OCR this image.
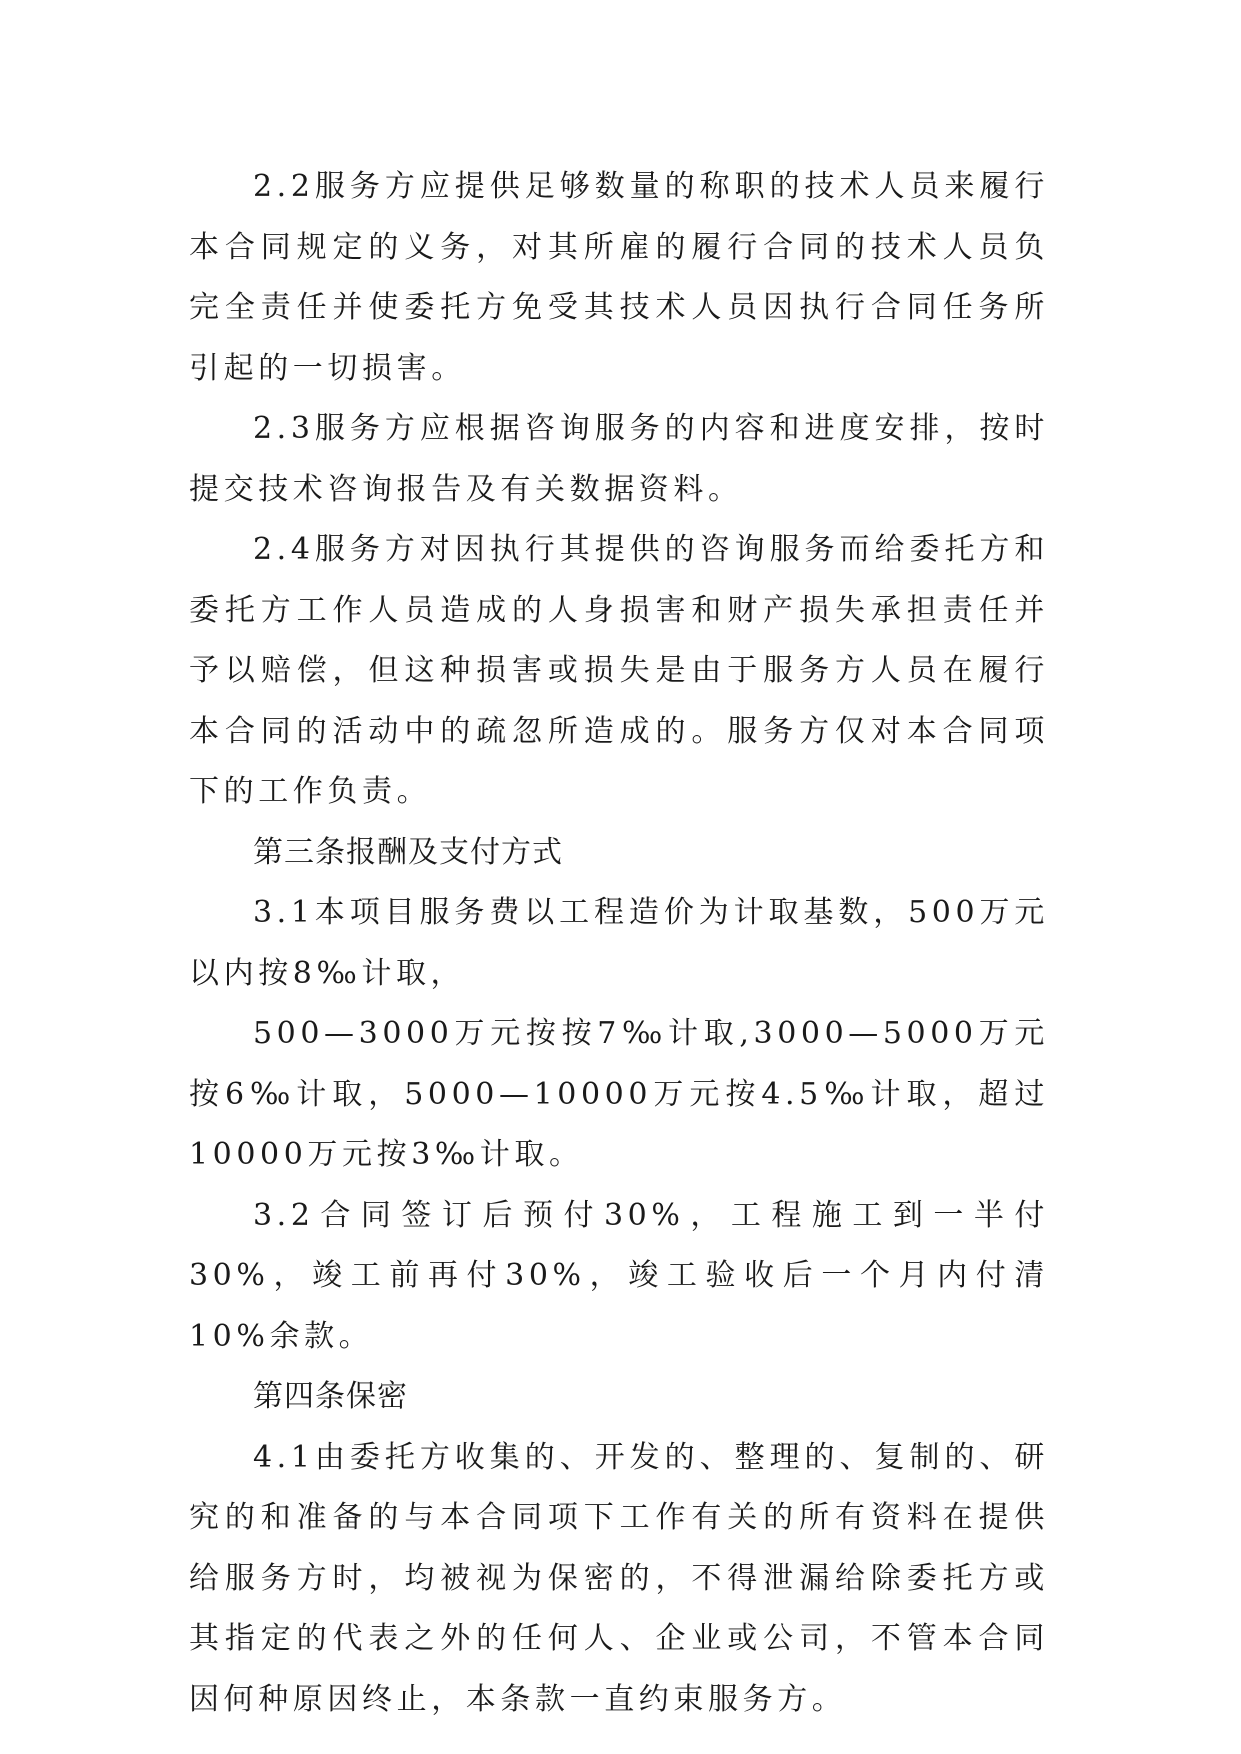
2.2服务方应提供足够数量的称职的技术人员来履行本合同规定的义务，对其所雇的履行合同的技术人员负完全责任并使委托方免受其技术人员因执行合同任务所引起的一切损害。

2.3服务方应根据咨询服务的内容和进度安排，按时提交技术咨询报告及有关数据资料。

2.4服务方对因执行其提供的咨询服务而给委托方和委托方工作人员造成的人身损害和财产损失承担责任并予以赔偿，但这种损害或损失是由于服务方人员在履行本合同的活动中的疏忽所造成的。服务方仅对本合同项下的工作负责。

第三条报酬及支付方式

3.1本项目服务费以工程造价为计取基数，500万元以内按8‰计取，

500—3000万元按按7‰计取,3000—5000万元按6‰计取，5000—10000万元按4.5‰计取，超过10000万元按3‰计取。

3.2合同签订后预付30%，工程施工到一半付30%，竣工前再付30%，竣工验收后一个月内付清10%余款。

第四条保密

4.1由委托方收集的、开发的、整理的、复制的、研究的和准备的与本合同项下工作有关的所有资料在提供给服务方时，均被视为保密的，不得泄漏给除委托方或其指定的代表之外的任何人、企业或公司，不管本合同因何种原因终止，本条款一直约束服务方。
